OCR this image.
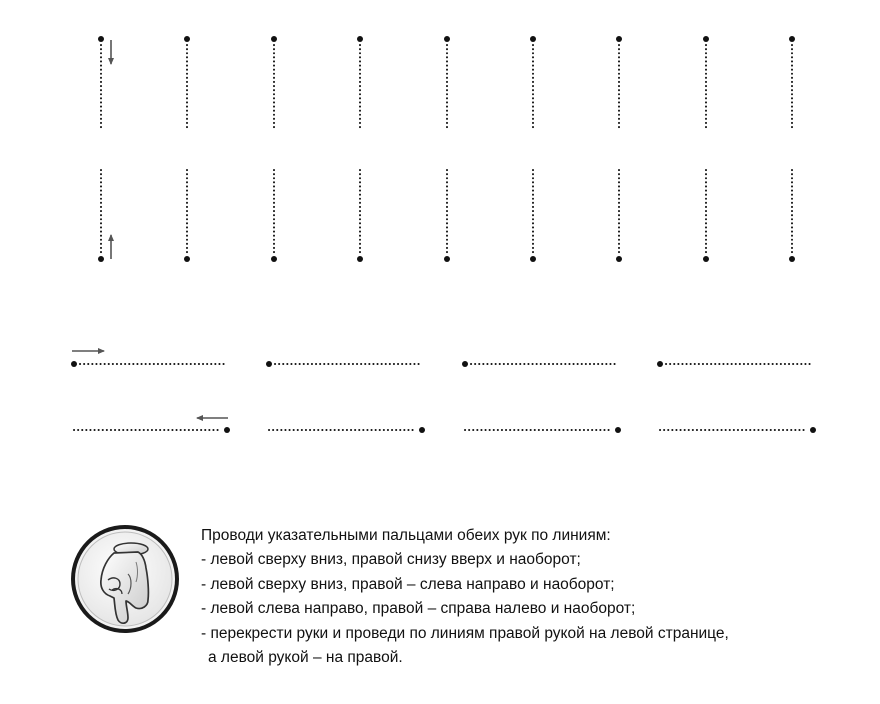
Проводи указательными пальцами обеих рук по линиям:
- левой сверху вниз, правой снизу вверх и наоборот;
- левой сверху вниз, правой – слева направо и наоборот;
- левой слева направо, правой – справа налево и наоборот;
- перекрести руки и проведи по линиям правой рукой на левой странице,
а левой рукой – на правой.
